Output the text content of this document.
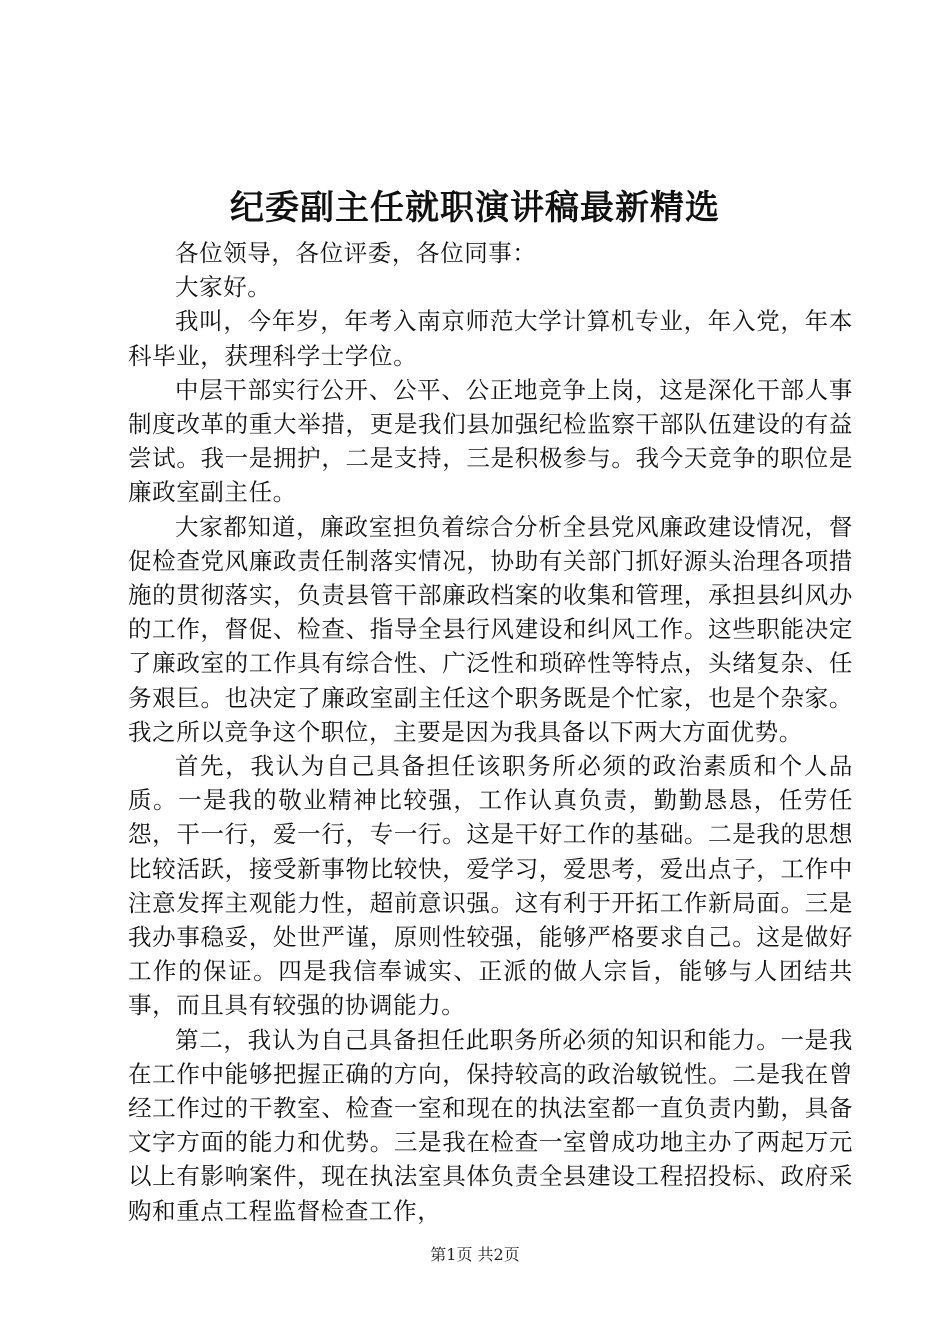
纪委副主任就职演讲稿最新精选

各位领导，各位评委，各位同事：

大家好。

我叫，今年岁，年考入南京师范大学计算机专业，年入党，年本科毕业，获理科学士学位。

中层干部实行公开、公平、公正地竞争上岗，这是深化干部人事制度改革的重大举措，更是我们县加强纪检监察干部队伍建设的有益尝试。我一是拥护，二是支持，三是积极参与。我今天竞争的职位是廉政室副主任。

大家都知道，廉政室担负着综合分析全县党风廉政建设情况，督促检查党风廉政责任制落实情况，协助有关部门抓好源头治理各项措施的贯彻落实，负责县管干部廉政档案的收集和管理，承担县纠风办的工作，督促、检查、指导全县行风建设和纠风工作。这些职能决定了廉政室的工作具有综合性、广泛性和琐碎性等特点，头绪复杂、任务艰巨。也决定了廉政室副主任这个职务既是个忙家，也是个杂家。我之所以竞争这个职位，主要是因为我具备以下两大方面优势。

首先，我认为自己具备担任该职务所必须的政治素质和个人品质。一是我的敬业精神比较强，工作认真负责，勤勤恳恳，任劳任怨，干一行，爱一行，专一行。这是干好工作的基础。二是我的思想比较活跃，接受新事物比较快，爱学习，爱思考，爱出点子，工作中注意发挥主观能力性，超前意识强。这有利于开拓工作新局面。三是我办事稳妥，处世严谨，原则性较强，能够严格要求自己。这是做好工作的保证。四是我信奉诚实、正派的做人宗旨，能够与人团结共事，而且具有较强的协调能力。

第二，我认为自己具备担任此职务所必须的知识和能力。一是我在工作中能够把握正确的方向，保持较高的政治敏锐性。二是我在曾经工作过的干教室、检查一室和现在的执法室都一直负责内勤，具备文字方面的能力和优势。三是我在检查一室曾成功地主办了两起万元以上有影响案件，现在执法室具体负责全县建设工程招投标、政府采购和重点工程监督检查工作，

第1页 共2页
